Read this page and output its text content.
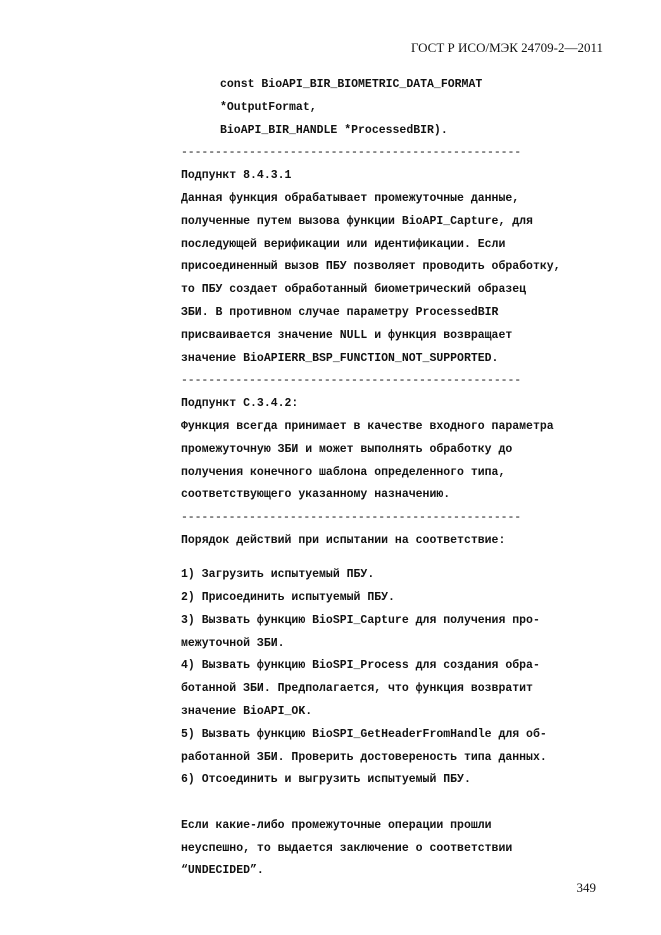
ГОСТ Р ИСО/МЭК 24709-2—2011
const BioAPI_BIR_BIOMETRIC_DATA_FORMAT
*OutputFormat,
BioAPI_BIR_HANDLE *ProcessedBIR).
--------------------------------------------------
Подпункт 8.4.3.1
Данная функция обрабатывает промежуточные данные,
полученные путем вызова функции BioAPI_Capture, для
последующей верификации или идентификации. Если
присоединенный вызов ПБУ позволяет проводить обработку,
то ПБУ создает обработанный биометрический образец
ЗБИ. В противном случае параметру ProcessedBIR
присваивается значение NULL и функция возвращает
значение BioAPIERR_BSP_FUNCTION_NOT_SUPPORTED.
--------------------------------------------------
Подпункт С.3.4.2:
Функция всегда принимает в качестве входного параметра
промежуточную ЗБИ и может выполнять обработку до
получения конечного шаблона определенного типа,
соответствующего указанному назначению.
--------------------------------------------------
Порядок действий при испытании на соответствие:
1) Загрузить испытуемый ПБУ.
2) Присоединить испытуемый ПБУ.
3) Вызвать функцию BioSPI_Capture для получения про-
межуточной ЗБИ.
4) Вызвать функцию BioSPI_Process для создания обра-
ботанной ЗБИ. Предполагается, что функция возвратит
значение BioAPI_OK.
5) Вызвать функцию BioSPI_GetHeaderFromHandle для об-
работанной ЗБИ. Проверить достовереность типа данных.
6) Отсоединить и выгрузить испытуемый ПБУ.
Если какие-либо промежуточные операции прошли
неуспешно, то выдается заключение о соответствии
“UNDECIDED”.
349
